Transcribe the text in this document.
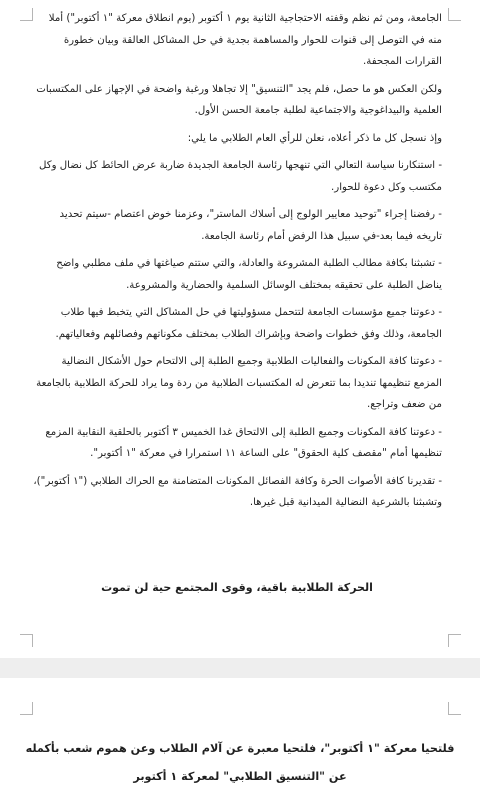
الجامعة، ومن ثم نظم وقفته الاحتجاجية الثانية يوم ١ أكتوبر (يوم انطلاق معركة "١ أكتوبر") أملا منه في التوصل إلى قنوات للحوار والمساهمة بجدية في حل المشاكل العالقة وبيان خطورة القرارات المجحفة.

ولكن العكس هو ما حصل، فلم يجد "التنسيق" إلا تجاهلا ورغبة واضحة في الإجهاز على المكتسبات العلمية والبيداغوجية والاجتماعية لطلبة جامعة الحسن الأول.

وإذ نسجل كل ما ذكر أعلاه، نعلن للرأي العام الطلابي ما يلي:

- استنكارنا سياسة التعالي التي تنهجها رئاسة الجامعة الجديدة ضاربة عرض الحائط كل نضال وكل مكتسب وكل دعوة للحوار.

- رفضنا إجراء "توحيد معايير الولوج إلى أسلاك الماستر"، وعزمنا خوض اعتصام -سيتم تحديد تاريخه فيما بعد-في سبيل هذا الرفض أمام رئاسة الجامعة.

- تشبثنا بكافة مطالب الطلبة المشروعة والعادلة، والتي ستتم صياغتها في ملف مطلبي واضح يناضل الطلبة على تحقيقه بمختلف الوسائل السلمية والحضارية والمشروعة.

- دعوتنا جميع مؤسسات الجامعة لتتحمل مسؤوليتها في حل المشاكل التي يتخبط فيها طلاب الجامعة، وذلك وفق خطوات واضحة وبإشراك الطلاب بمختلف مكوناتهم وفصائلهم وفعالياتهم.

- دعوتنا كافة المكونات والفعاليات الطلابية وجميع الطلبة إلى الالتحام حول الأشكال النضالية المزمع تنظيمها تنديدا بما تتعرض له المكتسبات الطلابية من ردة وما يراد للحركة الطلابية بالجامعة من ضعف وتراجع.

- دعوتنا كافة المكونات وجميع الطلبة إلى الالتحاق غدا الخميس ٣ أكتوبر بالحلقية النقابية المزمع تنظيمها أمام "مقصف كلية الحقوق" على الساعة ١١ استمرارا في معركة "١ أكتوبر".

- تقديرنا كافة الأصوات الحرة وكافة الفصائل المكونات المتضامنة مع الحراك الطلابي ("١ أكتوبر")، وتشبثنا بالشرعية النضالية الميدانية قبل غيرها.

الحركة الطلابية باقية، وقوى المجتمع حية لن تموت
فلتحيا معركة "١ أكتوبر"، فلتحيا معبرة عن آلام الطلاب وعن هموم شعب بأكمله
عن "التنسيق الطلابي" لمعركة ١ أكتوبر
